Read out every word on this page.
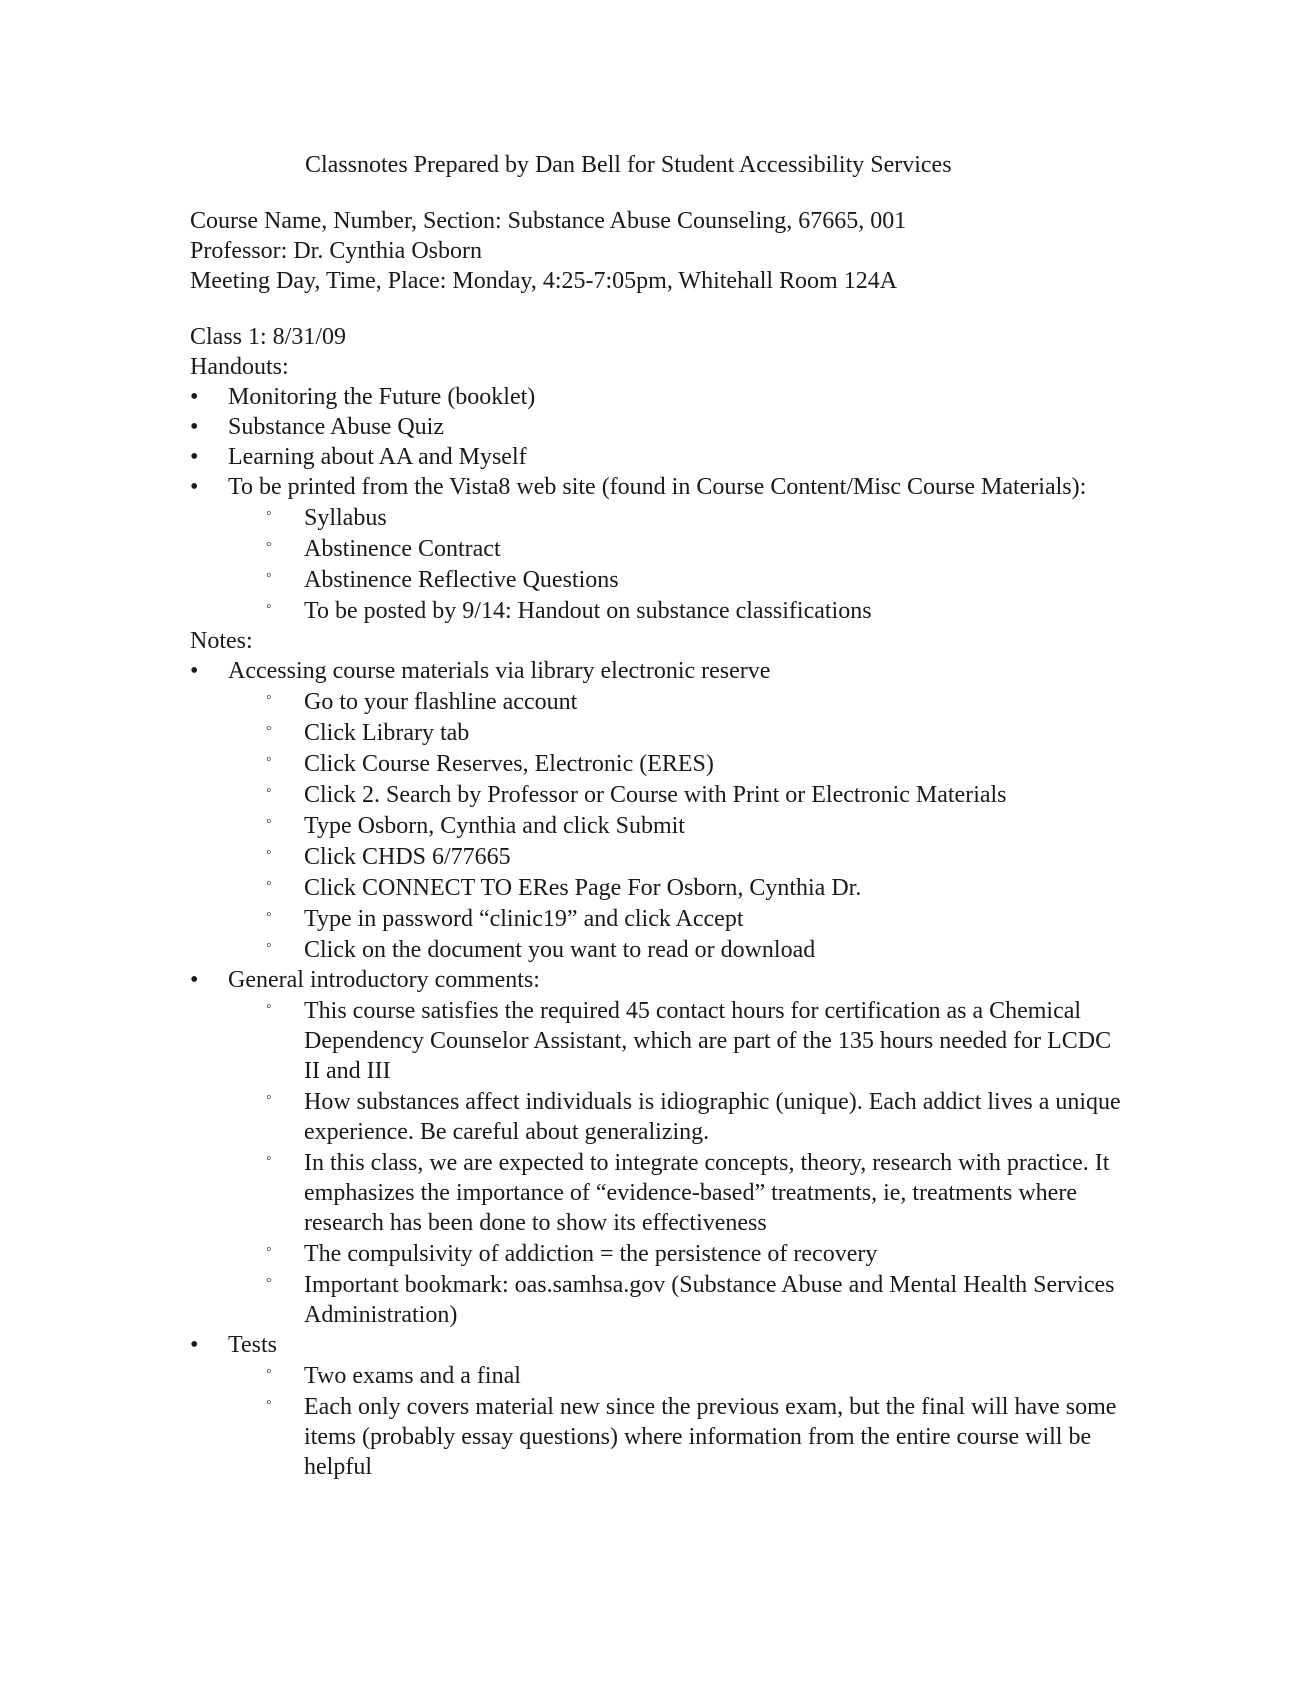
Classnotes Prepared by Dan Bell for Student Accessibility Services

Course Name, Number, Section: Substance Abuse Counseling, 67665, 001
Professor: Dr. Cynthia Osborn
Meeting Day, Time, Place: Monday, 4:25-7:05pm, Whitehall Room 124A

Class 1: 8/31/09

Handouts:

•	Monitoring the Future (booklet)
•	Substance Abuse Quiz
•	Learning about AA and Myself
•	To be printed from the Vista8 web site (found in Course Content/Misc Course Materials):
◦ Syllabus
◦ Abstinence Contract
◦ Abstinence Reflective Questions
◦ To be posted by 9/14: Handout on substance classifications

Notes:

•	Accessing course materials via library electronic reserve
◦ Go to your flashline account
◦ Click Library tab
◦ Click Course Reserves, Electronic (ERES)
◦ Click 2. Search by Professor or Course with Print or Electronic Materials
◦ Type Osborn, Cynthia and click Submit
◦ Click CHDS 6/77665
◦ Click CONNECT TO ERes Page For Osborn, Cynthia Dr.
◦ Type in password “clinic19” and click Accept
◦ Click on the document you want to read or download
•	General introductory comments:
◦ This course satisfies the required 45 contact hours for certification as a Chemical Dependency Counselor Assistant, which are part of the 135 hours needed for LCDC II and III
◦ How substances affect individuals is idiographic (unique). Each addict lives a unique experience. Be careful about generalizing.
◦ In this class, we are expected to integrate concepts, theory, research with practice. It emphasizes the importance of “evidence-based” treatments, ie, treatments where research has been done to show its effectiveness
◦ The compulsivity of addiction = the persistence of recovery
◦ Important bookmark: oas.samhsa.gov (Substance Abuse and Mental Health Services Administration)
•	Tests
◦ Two exams and a final
◦ Each only covers material new since the previous exam, but the final will have some items (probably essay questions) where information from the entire course will be helpful
